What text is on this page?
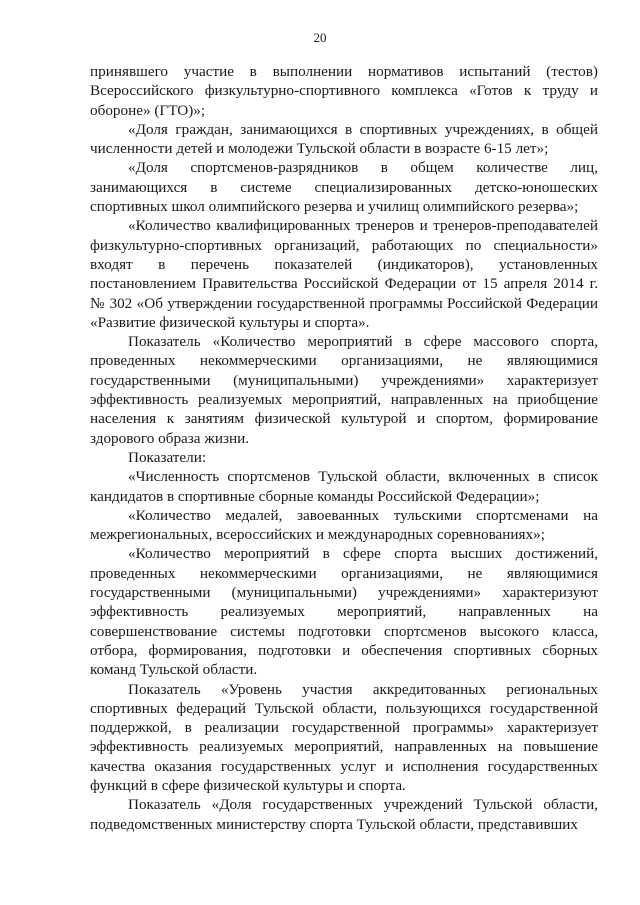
20

принявшего участие в выполнении нормативов испытаний (тестов) Всероссийского физкультурно-спортивного комплекса «Готов к труду и обороне» (ГТО)»;

«Доля граждан, занимающихся в спортивных учреждениях, в общей численности детей и молодежи Тульской области в возрасте 6-15 лет»;

«Доля спортсменов-разрядников в общем количестве лиц, занимающихся в системе специализированных детско-юношеских спортивных школ олимпийского резерва и училищ олимпийского резерва»;

«Количество квалифицированных тренеров и тренеров-преподавателей физкультурно-спортивных организаций, работающих по специальности» входят в перечень показателей (индикаторов), установленных постановлением Правительства Российской Федерации от 15 апреля 2014 г. № 302 «Об утверждении государственной программы Российской Федерации «Развитие физической культуры и спорта».

Показатель «Количество мероприятий в сфере массового спорта, проведенных некоммерческими организациями, не являющимися государственными (муниципальными) учреждениями» характеризует эффективность реализуемых мероприятий, направленных на приобщение населения к занятиям физической культурой и спортом, формирование здорового образа жизни.

Показатели:

«Численность спортсменов Тульской области, включенных в список кандидатов в спортивные сборные команды Российской Федерации»;

«Количество медалей, завоеванных тульскими спортсменами на межрегиональных, всероссийских и международных соревнованиях»;

«Количество мероприятий в сфере спорта высших достижений, проведенных некоммерческими организациями, не являющимися государственными (муниципальными) учреждениями» характеризуют эффективность реализуемых мероприятий, направленных на совершенствование системы подготовки спортсменов высокого класса, отбора, формирования, подготовки и обеспечения спортивных сборных команд Тульской области.

Показатель «Уровень участия аккредитованных региональных спортивных федераций Тульской области, пользующихся государственной поддержкой, в реализации государственной программы» характеризует эффективность реализуемых мероприятий, направленных на повышение качества оказания государственных услуг и исполнения государственных функций в сфере физической культуры и спорта.

Показатель «Доля государственных учреждений Тульской области, подведомственных министерству спорта Тульской области, представивших
